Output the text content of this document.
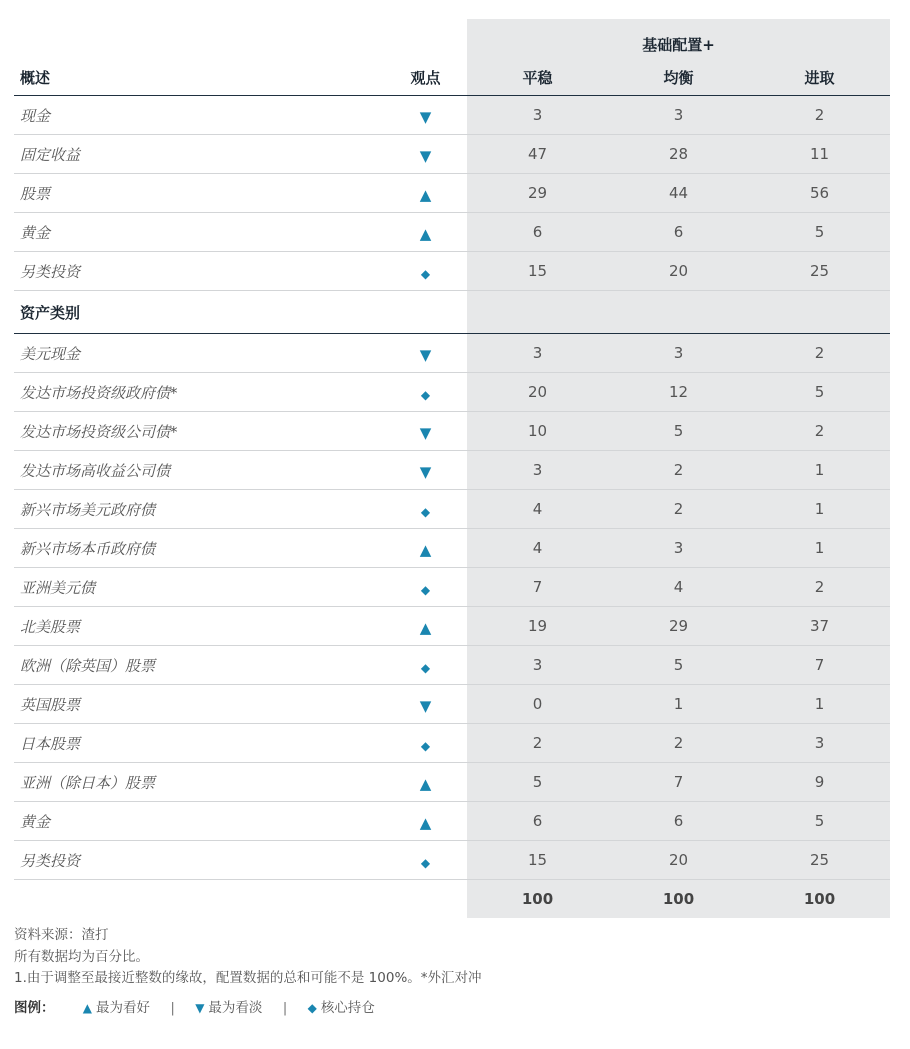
		基础配置+		
概述	观点	平稳	均衡	进取
现金	▼	3	3	2
固定收益	▼	47	28	11
股票	▲	29	44	56
黄金	▲	6	6	5
另类投资	◆	15	20	25
资产类别				
美元现金	▼	3	3	2
发达市场投资级政府债*	◆	20	12	5
发达市场投资级公司债*	▼	10	5	2
发达市场高收益公司债	▼	3	2	1
新兴市场美元政府债	◆	4	2	1
新兴市场本币政府债	▲	4	3	1
亚洲美元债	◆	7	4	2
北美股票	▲	19	29	37
欧洲（除英国）股票	◆	3	5	7
英国股票	▼	0	1	1
日本股票	◆	2	2	3
亚洲（除日本）股票	▲	5	7	9
黄金	▲	6	6	5
另类投资	◆	15	20	25
		100	100	100
资料来源：渣打
所有数据均为百分比。
1.由于调整至最接近整数的缘故，配置数据的总和可能不是 100%。*外汇对冲
图例： ▲ 最为看好 | ▼ 最为看淡 | ◆ 核心持仓
